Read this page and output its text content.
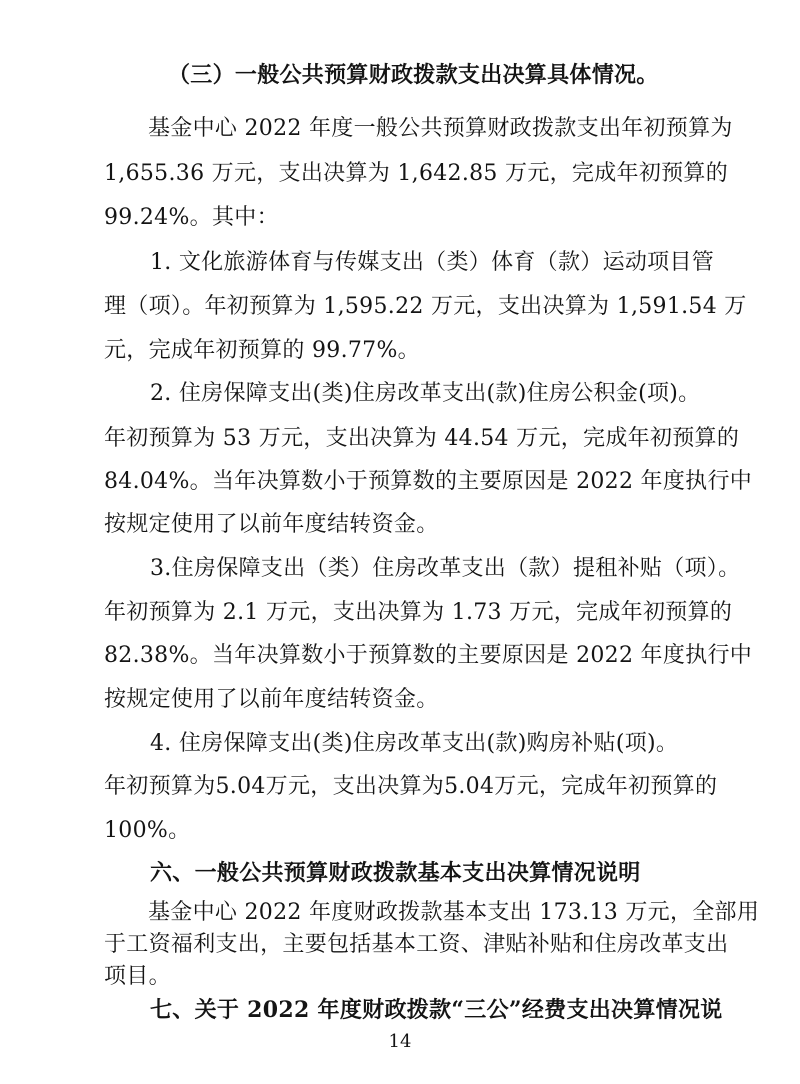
（三）一般公共预算财政拨款支出决算具体情况。
基金中心 2022 年度一般公共预算财政拨款支出年初预算为
1,655.36 万元，支出决算为 1,642.85 万元，完成年初预算的
99.24%。其中：
1. 文化旅游体育与传媒支出（类）体育（款）运动项目管
理（项）。年初预算为 1,595.22 万元，支出决算为 1,591.54 万
元，完成年初预算的 99.77%。
2. 住房保障支出(类)住房改革支出(款)住房公积金(项)。
年初预算为 53 万元，支出决算为 44.54 万元，完成年初预算的
84.04%。当年决算数小于预算数的主要原因是 2022 年度执行中
按规定使用了以前年度结转资金。
3.住房保障支出（类）住房改革支出（款）提租补贴（项）。
年初预算为 2.1 万元，支出决算为 1.73 万元，完成年初预算的
82.38%。当年决算数小于预算数的主要原因是 2022 年度执行中
按规定使用了以前年度结转资金。
4. 住房保障支出(类)住房改革支出(款)购房补贴(项)。
年初预算为5.04万元，支出决算为5.04万元，完成年初预算的
100%。
六、一般公共预算财政拨款基本支出决算情况说明
基金中心 2022 年度财政拨款基本支出 173.13 万元，全部用
于工资福利支出，主要包括基本工资、津贴补贴和住房改革支出
项目。
14
七、关于 2022 年度财政拨款“三公”经费支出决算情况说
